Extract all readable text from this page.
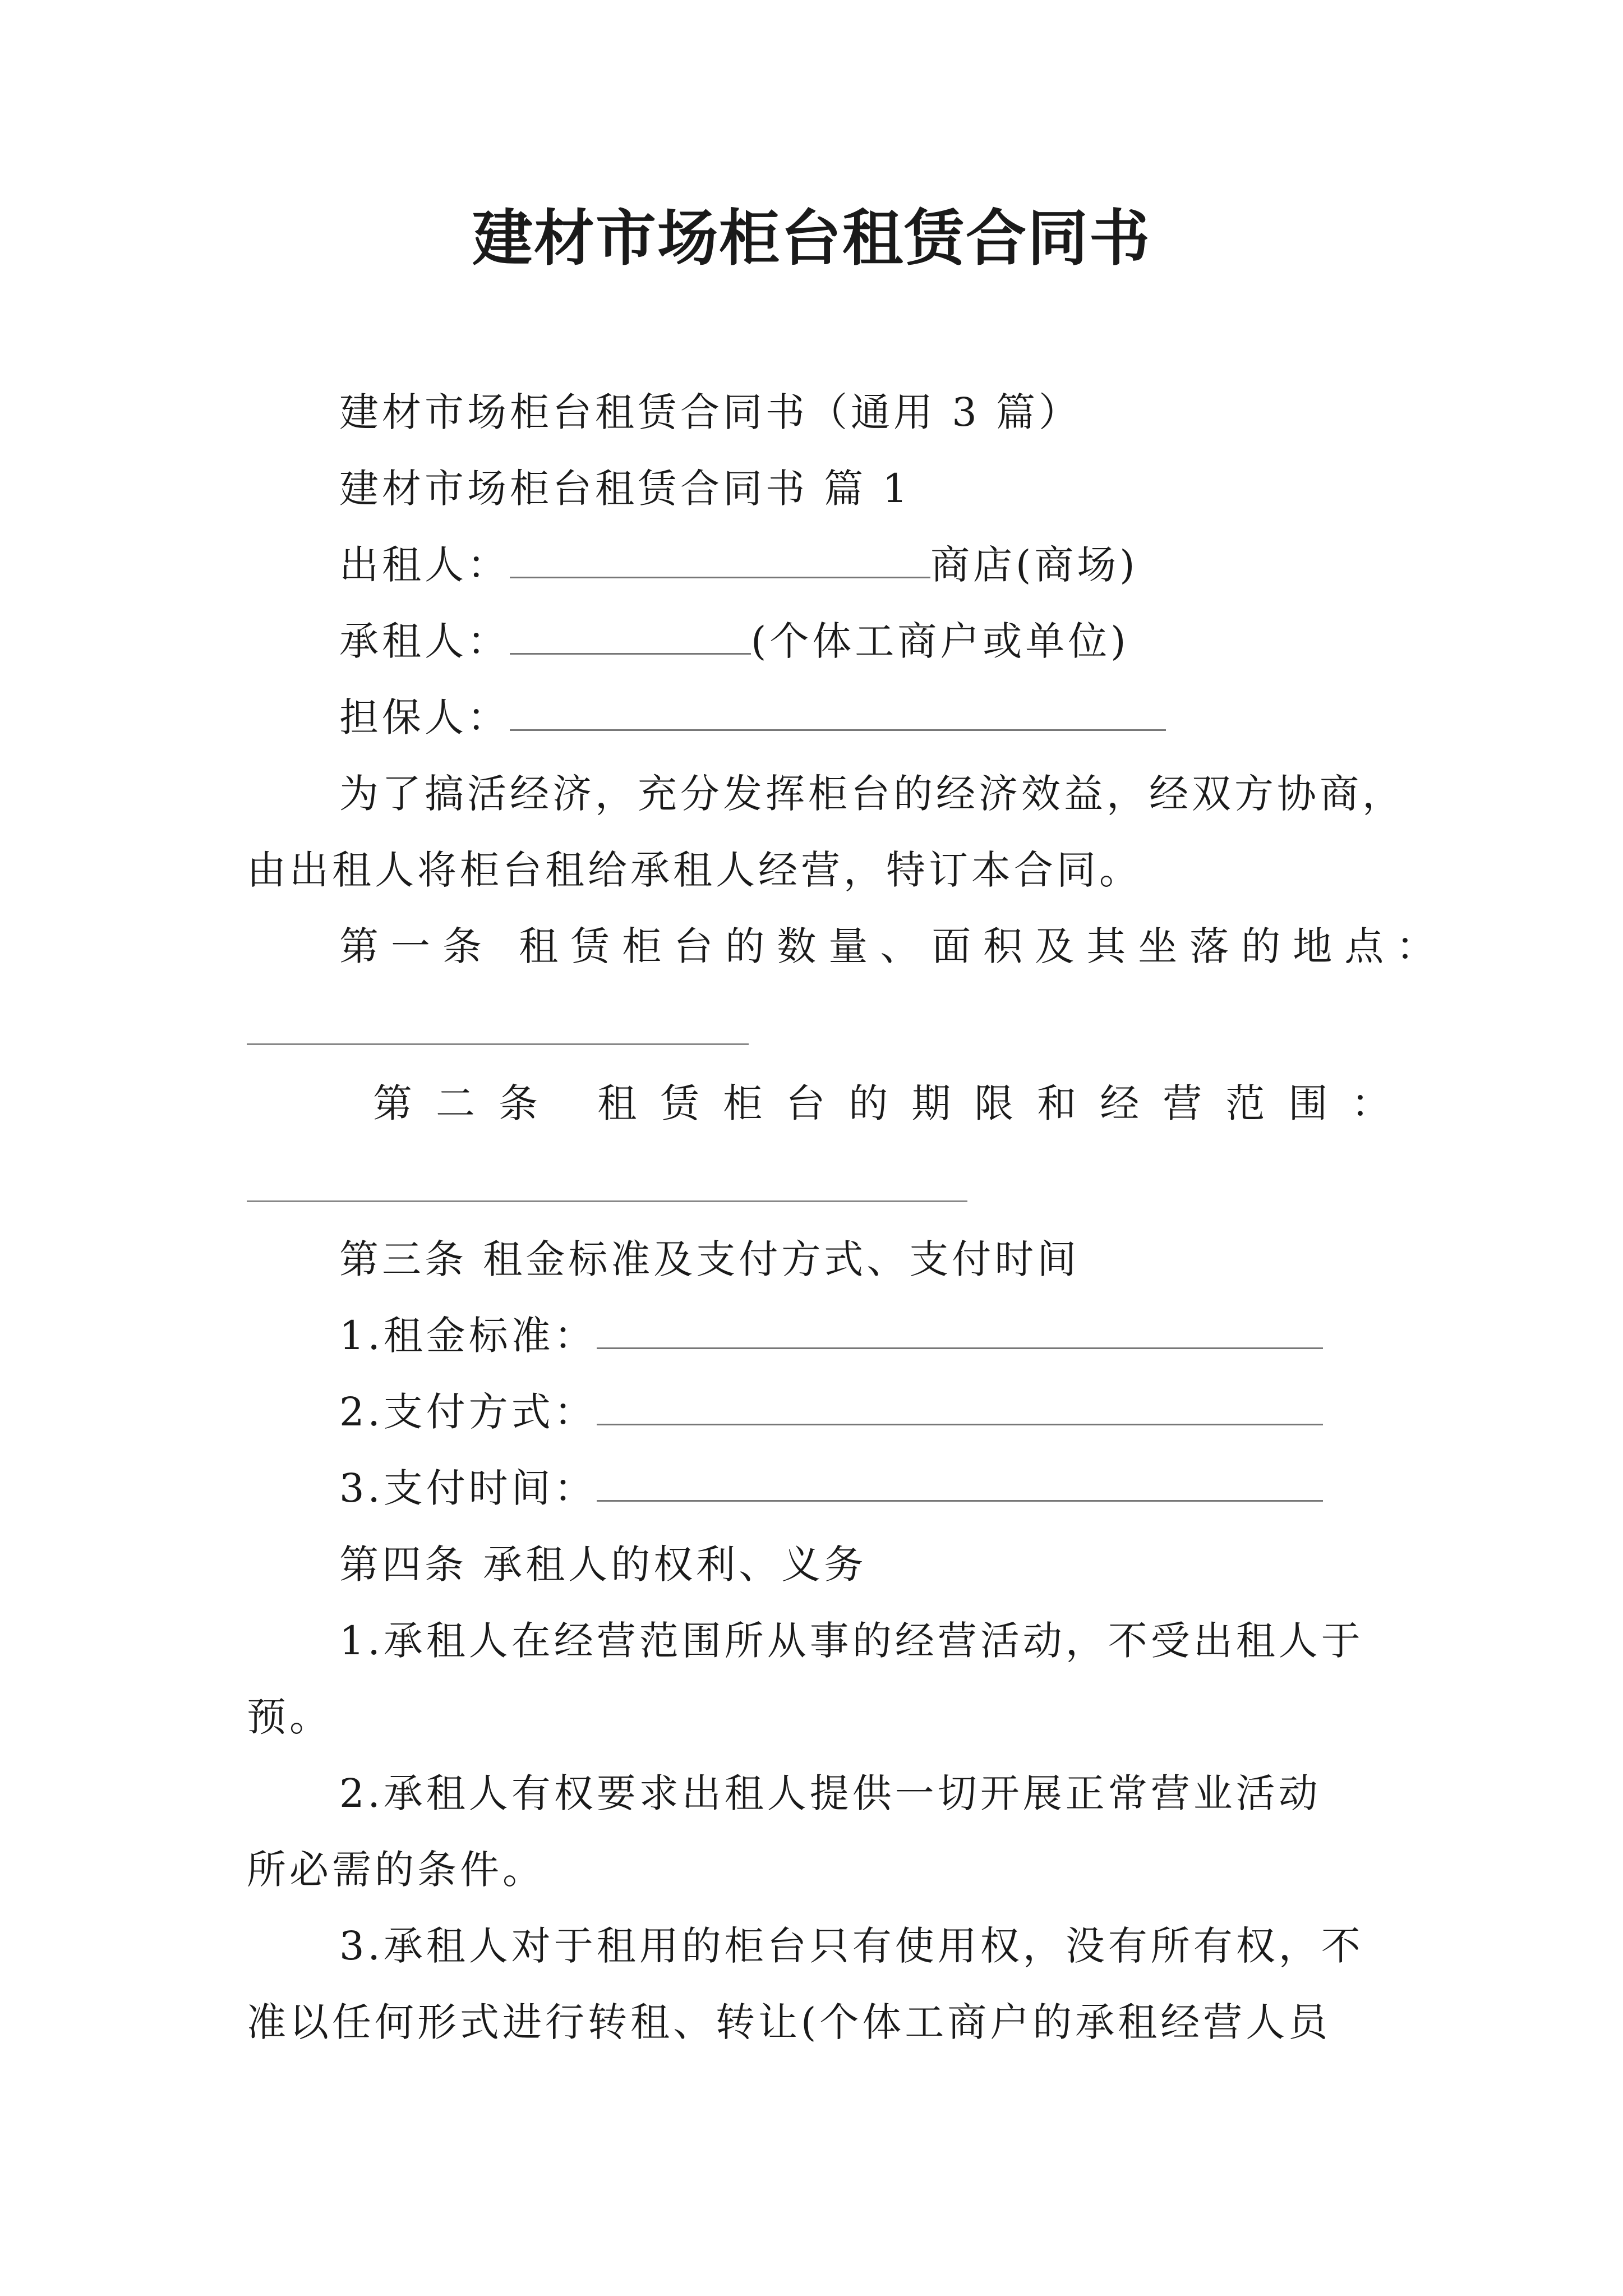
建材市场柜台租赁合同书
建材市场柜台租赁合同书（通用 3 篇）
建材市场柜台租赁合同书 篇 1
出租人：	商店(商场)
承租人：	(个体工商户或单位)
担保人：
为了搞活经济，充分发挥柜台的经济效益，经双方协商，
由出租人将柜台租给承租人经营，特订本合同。
第一条 租赁柜台的数量、面积及其坐落的地点：
第二条 租赁柜台的期限和经营范围：
第三条 租金标准及支付方式、支付时间
1.租金标准：
2.支付方式：
3.支付时间：
第四条 承租人的权利、义务
1.承租人在经营范围所从事的经营活动，不受出租人于
预。
2.承租人有权要求出租人提供一切开展正常营业活动
所必需的条件。
3.承租人对于租用的柜台只有使用权，没有所有权，不
准以任何形式进行转租、转让(个体工商户的承租经营人员
